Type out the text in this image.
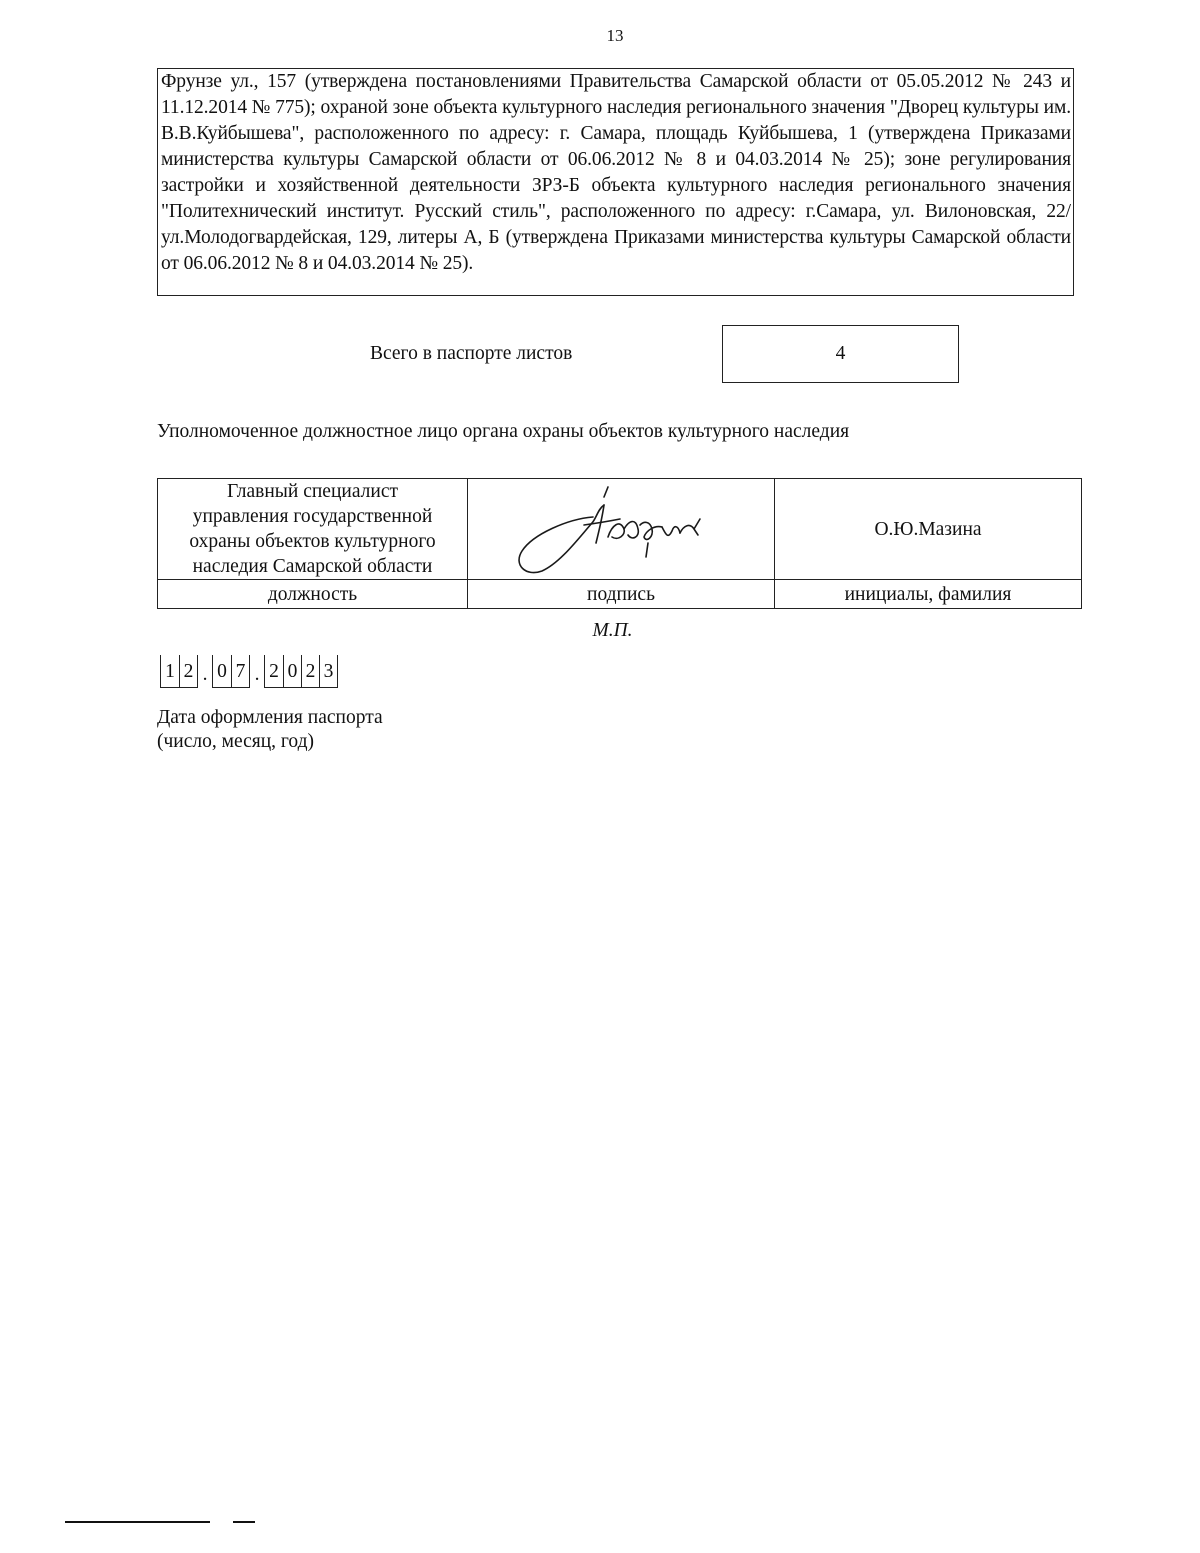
13
Фрунзе ул., 157 (утверждена постановлениями Правительства Самарской области от 05.05.2012 № 243 и 11.12.2014 № 775); охраной зоне объекта культурного наследия регионального значения "Дворец культуры им. В.В.Куйбышева", расположенного по адресу: г. Самара, площадь Куйбышева, 1 (утверждена Приказами министерства культуры Самарской области от 06.06.2012 № 8 и 04.03.2014 № 25); зоне регулирования застройки и хозяйственной деятельности ЗРЗ-Б объекта культурного наследия регионального значения "Политехнический институт. Русский стиль", расположенного по адресу: г.Самара, ул. Вилоновская, 22/ул.Молодогвардейская, 129, литеры А, Б (утверждена Приказами министерства культуры Самарской области от 06.06.2012 № 8 и 04.03.2014 № 25).
Всего в паспорте листов	4
Уполномоченное должностное лицо органа охраны объектов культурного наследия
Главный специалист
управления государственной
охраны объектов культурного
наследия Самарской области		О.Ю.Мазина
должность	подпись	инициалы, фамилия
М.П.
1 2 . 0 7 . 2 0 2 3
Дата оформления паспорта
(число, месяц, год)
